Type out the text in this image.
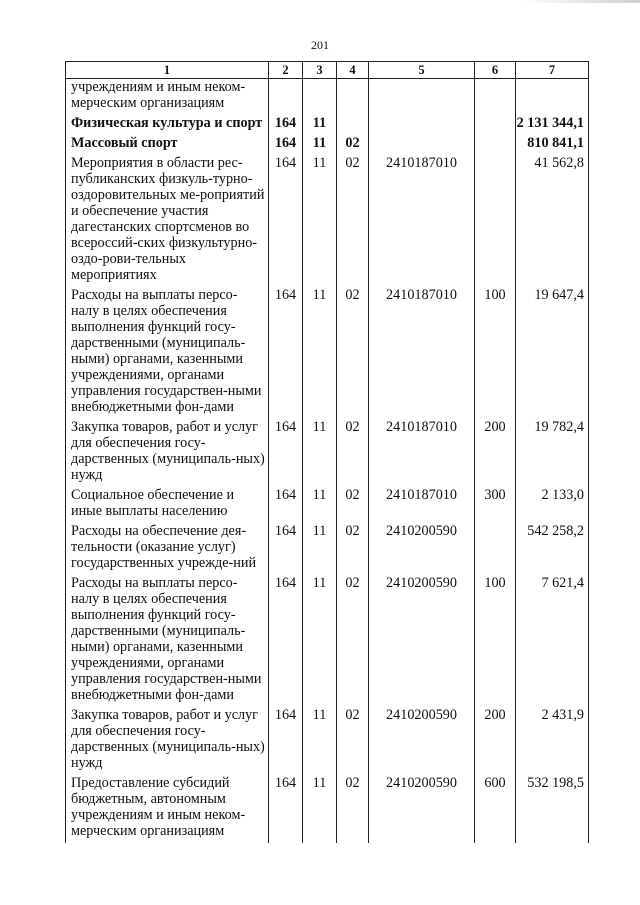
201
1	2	3	4	5	6	7
учреждениям и иным неком-мерческим организациям						
Физическая культура и спорт	164	11				2 131 344,1
Массовый спорт	164	11	02			810 841,1
Мероприятия в области рес-публиканских физкуль-турно-оздоровительных ме-роприятий и обеспечение участия дагестанских спортсменов во всероссий-ских физкультурно-оздо-рови-тельных мероприятиях	164	11	02	2410187010		41 562,8
Расходы на выплаты персо-налу в целях обеспечения выполнения функций госу-дарственными (муниципаль-ными) органами, казенными учреждениями, органами управления государствен-ными внебюджетными фон-дами	164	11	02	2410187010	100	19 647,4
Закупка товаров, работ и услуг для обеспечения госу-дарственных (муниципаль-ных) нужд	164	11	02	2410187010	200	19 782,4
Социальное обеспечение и иные выплаты населению	164	11	02	2410187010	300	2 133,0
Расходы на обеспечение дея-тельности (оказание услуг) государственных учрежде-ний	164	11	02	2410200590		542 258,2
Расходы на выплаты персо-налу в целях обеспечения выполнения функций госу-дарственными (муниципаль-ными) органами, казенными учреждениями, органами управления государствен-ными внебюджетными фон-дами	164	11	02	2410200590	100	7 621,4
Закупка товаров, работ и услуг для обеспечения госу-дарственных (муниципаль-ных) нужд	164	11	02	2410200590	200	2 431,9
Предоставление субсидий бюджетным, автономным учреждениям и иным неком-мерческим организациям	164	11	02	2410200590	600	532 198,5
